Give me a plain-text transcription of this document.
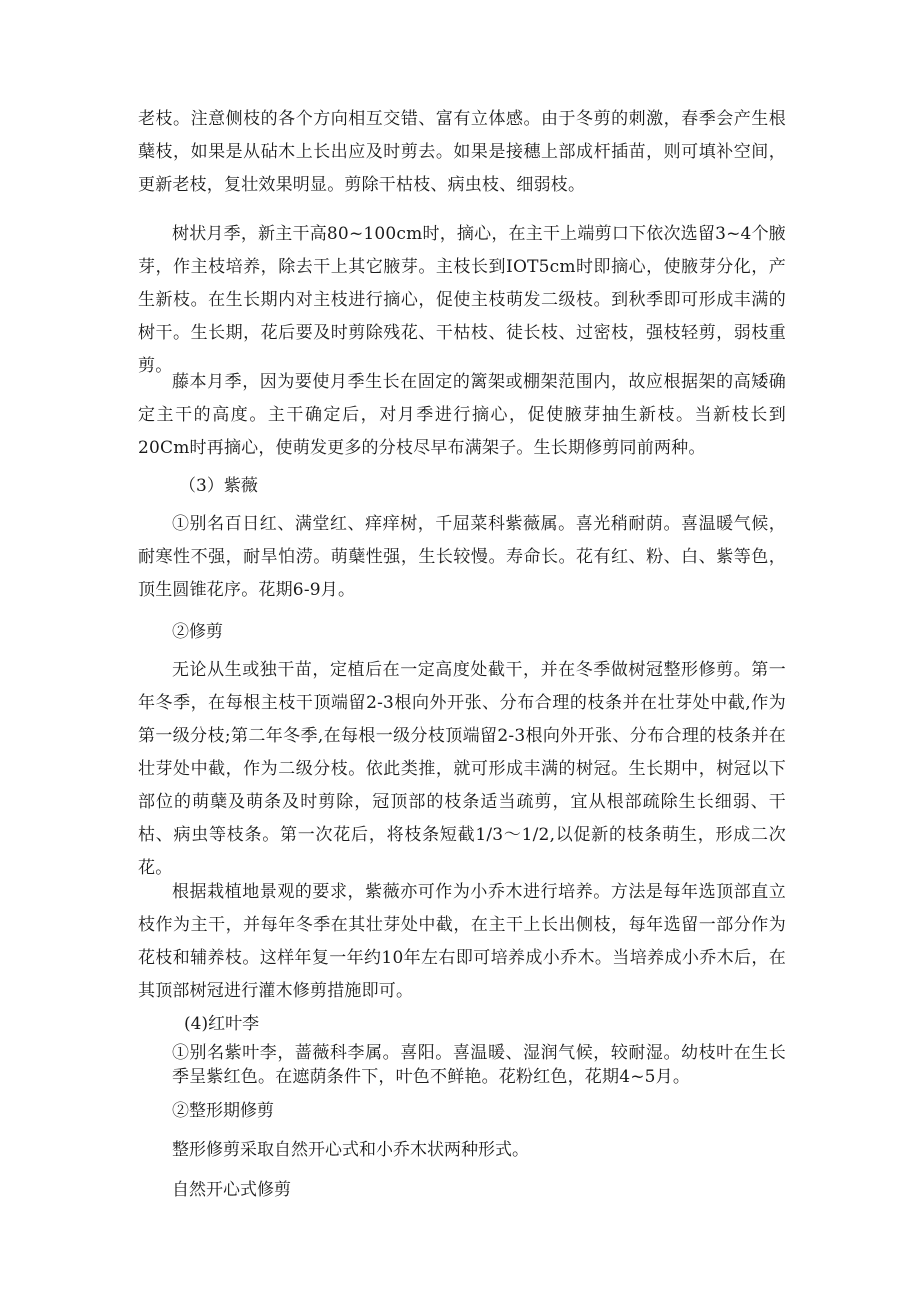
老枝。注意侧枝的各个方向相互交错、富有立体感。由于冬剪的刺激，春季会产生根蘖枝，如果是从砧木上长出应及时剪去。如果是接穗上部成杆插苗，则可填补空间，更新老枝，复壮效果明显。剪除干枯枝、病虫枝、细弱枝。

树状月季，新主干高80~100cm时，摘心，在主干上端剪口下依次选留3~4个腋芽，作主枝培养，除去干上其它腋芽。主枝长到IOT5cm时即摘心，使腋芽分化，产生新枝。在生长期内对主枝进行摘心，促使主枝萌发二级枝。到秋季即可形成丰满的树干。生长期，花后要及时剪除残花、干枯枝、徒长枝、过密枝，强枝轻剪，弱枝重剪。

藤本月季，因为要使月季生长在固定的篱架或棚架范围内，故应根据架的高矮确定主干的高度。主干确定后，对月季进行摘心，促使腋芽抽生新枝。当新枝长到20Cm时再摘心，使萌发更多的分枝尽早布满架子。生长期修剪同前两种。

（3）紫薇

①别名百日红、满堂红、痒痒树，千屈菜科紫薇属。喜光稍耐荫。喜温暖气候，耐寒性不强，耐旱怕涝。萌蘖性强，生长较慢。寿命长。花有红、粉、白、紫等色，顶生圆锥花序。花期6-9月。

②修剪

无论从生或独干苗，定植后在一定高度处截干，并在冬季做树冠整形修剪。第一年冬季，在每根主枝干顶端留2-3根向外开张、分布合理的枝条并在壮芽处中截,作为第一级分枝;第二年冬季,在每根一级分枝顶端留2-3根向外开张、分布合理的枝条并在壮芽处中截，作为二级分枝。依此类推，就可形成丰满的树冠。生长期中，树冠以下部位的萌蘖及萌条及时剪除，冠顶部的枝条适当疏剪，宜从根部疏除生长细弱、干枯、病虫等枝条。第一次花后，将枝条短截1/3～1/2,以促新的枝条萌生，形成二次花。

根据栽植地景观的要求，紫薇亦可作为小乔木进行培养。方法是每年选顶部直立枝作为主干，并每年冬季在其壮芽处中截，在主干上长出侧枝，每年选留一部分作为花枝和辅养枝。这样年复一年约10年左右即可培养成小乔木。当培养成小乔木后，在其顶部树冠进行灌木修剪措施即可。

(4)红叶李

①别名紫叶李，蔷薇科李属。喜阳。喜温暖、湿润气候，较耐湿。幼枝叶在生长季呈紫红色。在遮荫条件下，叶色不鲜艳。花粉红色，花期4~5月。

②整形期修剪

整形修剪采取自然开心式和小乔木状两种形式。

自然开心式修剪
